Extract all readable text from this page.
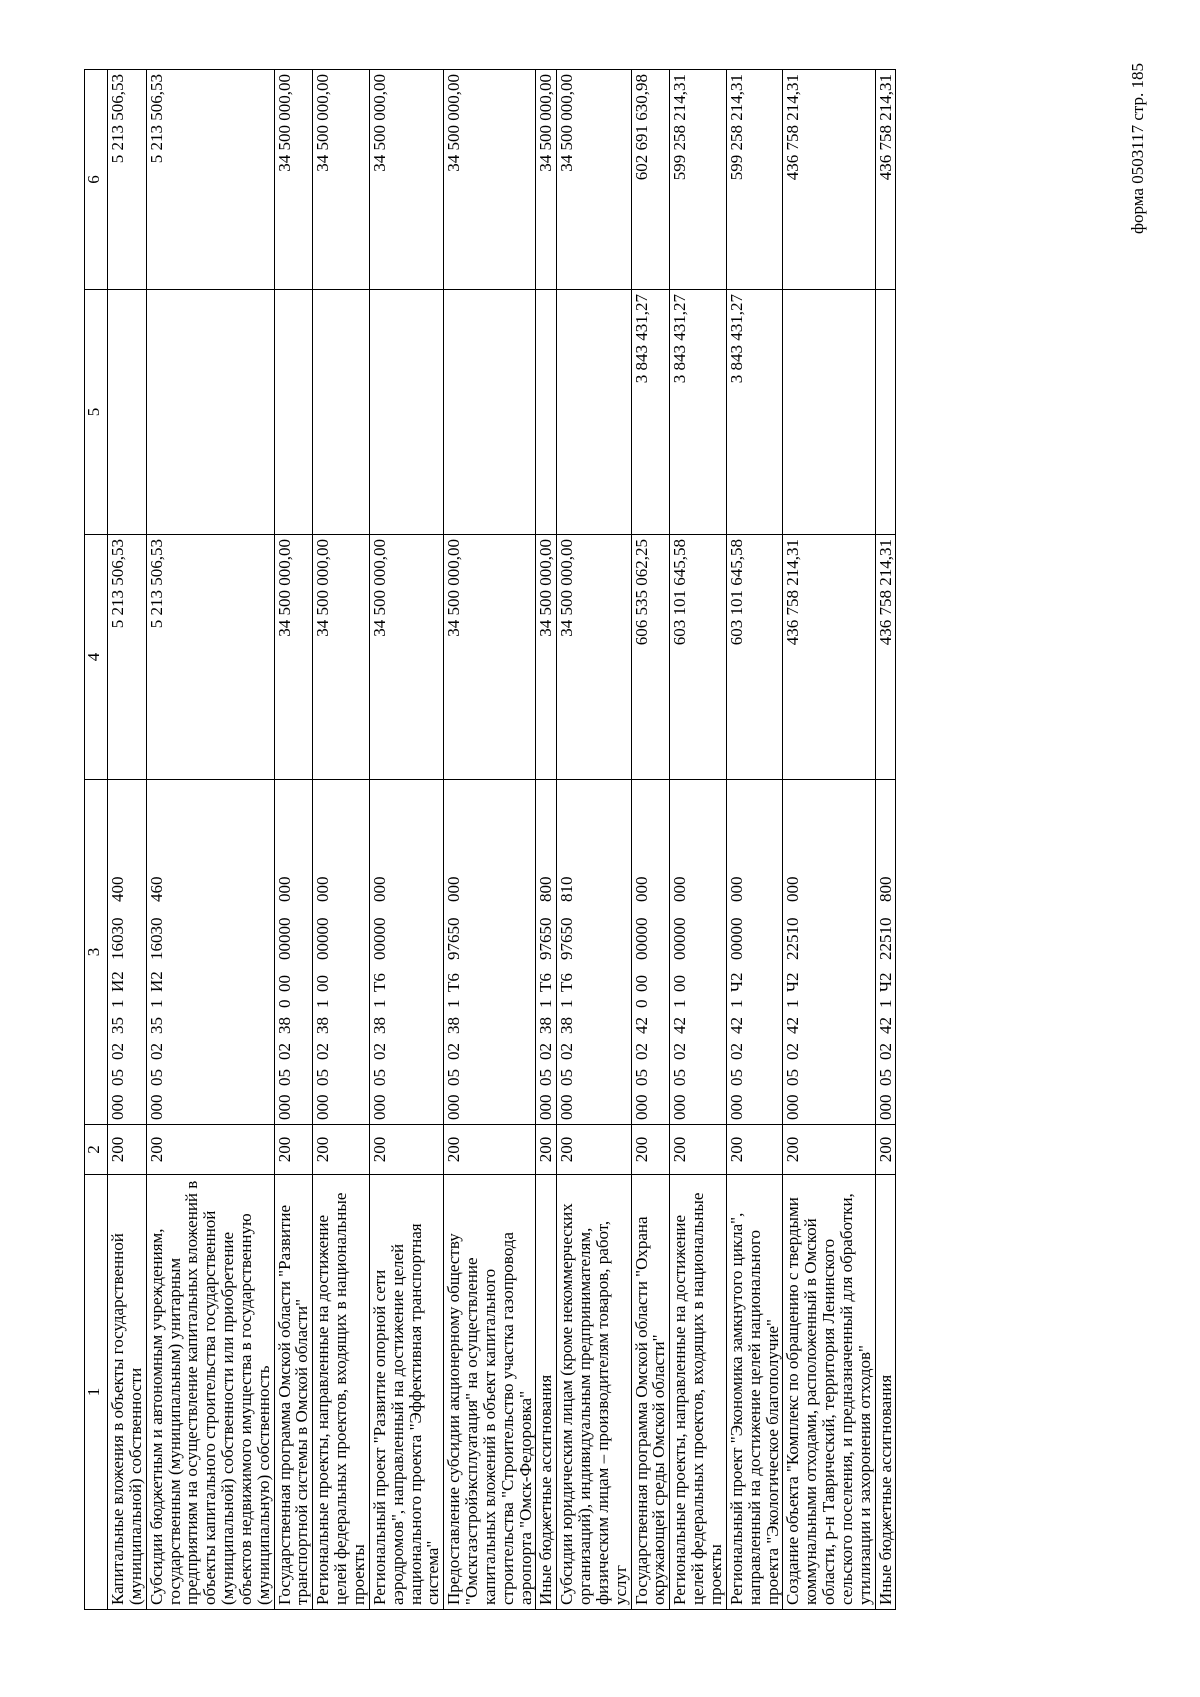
форма 0503117 стр. 185
1	2	3	4	5	6
Капитальные вложения в объекты государственной (муниципальной) собственности	200	0000502351И216030400	5 213 506,53		5 213 506,53
Субсидии бюджетным и автономным учреждениям, государственным (муниципальным) унитарным предприятиям на осуществление капитальных вложений в объекты капитального строительства государственной (муниципальной) собственности или приобретение объектов недвижимого имущества в государственную (муниципальную) собственность	200	0000502351И216030460	5 213 506,53		5 213 506,53
Государственная программа Омской области "Развитие транспортной системы в Омской области"	200	00005023800000000000	34 500 000,00		34 500 000,00
Региональные проекты, направленные на достижение целей федеральных проектов, входящих в национальные проекты	200	00005023810000000000	34 500 000,00		34 500 000,00
Региональный проект "Развитие опорной сети аэродромов", направленный на достижение целей национального проекта "Эффективная транспортная система"	200	0000502381Т600000000	34 500 000,00		34 500 000,00
Предоставление субсидии акционерному обществу "Омскгазстройэксплуатация" на осуществление капитальных вложений в объект капитального строительства "Строительство участка газопровода аэропорта "Омск-Федоровка"	200	0000502381Т697650000	34 500 000,00		34 500 000,00
Иные бюджетные ассигнования	200	0000502381Т697650800	34 500 000,00		34 500 000,00
Субсидии юридическим лицам (кроме некоммерческих организаций), индивидуальным предпринимателям, физическим лицам – производителям товаров, работ, услуг	200	0000502381Т697650810	34 500 000,00		34 500 000,00
Государственная программа Омской области "Охрана окружающей среды Омской области"	200	00005024200000000000	606 535 062,25	3 843 431,27	602 691 630,98
Региональные проекты, направленные на достижение целей федеральных проектов, входящих в национальные проекты	200	00005024210000000000	603 101 645,58	3 843 431,27	599 258 214,31
Региональный проект "Экономика замкнутого цикла", направленный на достижение целей национального проекта "Экологическое благополучие"	200	0000502421Ч200000000	603 101 645,58	3 843 431,27	599 258 214,31
Создание объекта "Комплекс по обращению с твердыми коммунальными отходами, расположенный в Омской области, р-н Таврический, территория Ленинского сельского поселения, и предназначенный для обработки, утилизации и захоронения отходов"	200	0000502421Ч222510000	436 758 214,31		436 758 214,31
Иные бюджетные ассигнования	200	0000502421Ч222510800	436 758 214,31		436 758 214,31
